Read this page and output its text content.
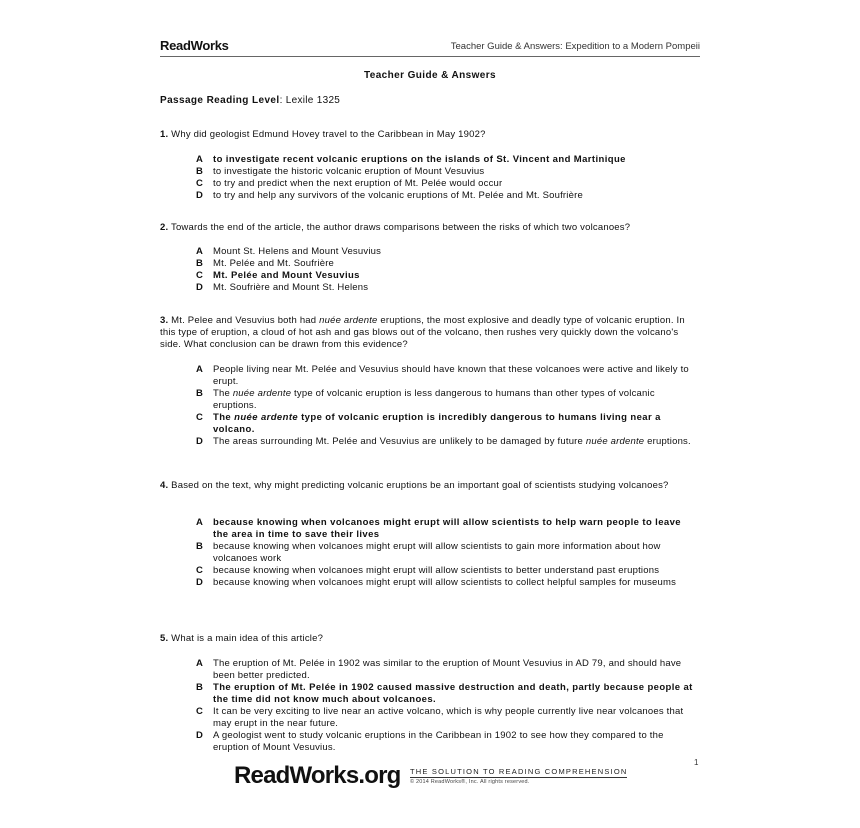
ReadWorks	Teacher Guide & Answers: Expedition to a Modern Pompeii
Teacher Guide & Answers
Passage Reading Level: Lexile 1325
1. Why did geologist Edmund Hovey travel to the Caribbean in May 1902?
A	to investigate recent volcanic eruptions on the islands of St. Vincent and Martinique
B	to investigate the historic volcanic eruption of Mount Vesuvius
C	to try and predict when the next eruption of Mt. Pelée would occur
D	to try and help any survivors of the volcanic eruptions of Mt. Pelée and Mt. Soufrière
2. Towards the end of the article, the author draws comparisons between the risks of which two volcanoes?
A	Mount St. Helens and Mount Vesuvius
B	Mt. Pelée and Mt. Soufrière
C	Mt. Pelée and Mount Vesuvius
D	Mt. Soufrière and Mount St. Helens
3. Mt. Pelee and Vesuvius both had nuée ardente eruptions, the most explosive and deadly type of volcanic eruption. In this type of eruption, a cloud of hot ash and gas blows out of the volcano, then rushes very quickly down the volcano's side. What conclusion can be drawn from this evidence?
A	People living near Mt. Pelée and Vesuvius should have known that these volcanoes were active and likely to erupt.
B	The nuée ardente type of volcanic eruption is less dangerous to humans than other types of volcanic eruptions.
C	The nuée ardente type of volcanic eruption is incredibly dangerous to humans living near a volcano.
D	The areas surrounding Mt. Pelée and Vesuvius are unlikely to be damaged by future nuée ardente eruptions.
4. Based on the text, why might predicting volcanic eruptions be an important goal of scientists studying volcanoes?
A	because knowing when volcanoes might erupt will allow scientists to help warn people to leave the area in time to save their lives
B	because knowing when volcanoes might erupt will allow scientists to gain more information about how volcanoes work
C	because knowing when volcanoes might erupt will allow scientists to better understand past eruptions
D	because knowing when volcanoes might erupt will allow scientists to collect helpful samples for museums
5. What is a main idea of this article?
A	The eruption of Mt. Pelée in 1902 was similar to the eruption of Mount Vesuvius in AD 79, and should have been better predicted.
B	The eruption of Mt. Pelée in 1902 caused massive destruction and death, partly because people at the time did not know much about volcanoes.
C	It can be very exciting to live near an active volcano, which is why people currently live near volcanoes that may erupt in the near future.
D	A geologist went to study volcanic eruptions in the Caribbean in 1902 to see how they compared to the eruption of Mount Vesuvius.
ReadWorks.org THE SOLUTION TO READING COMPREHENSION
© 2014 ReadWorks®, Inc. All rights reserved.
1
